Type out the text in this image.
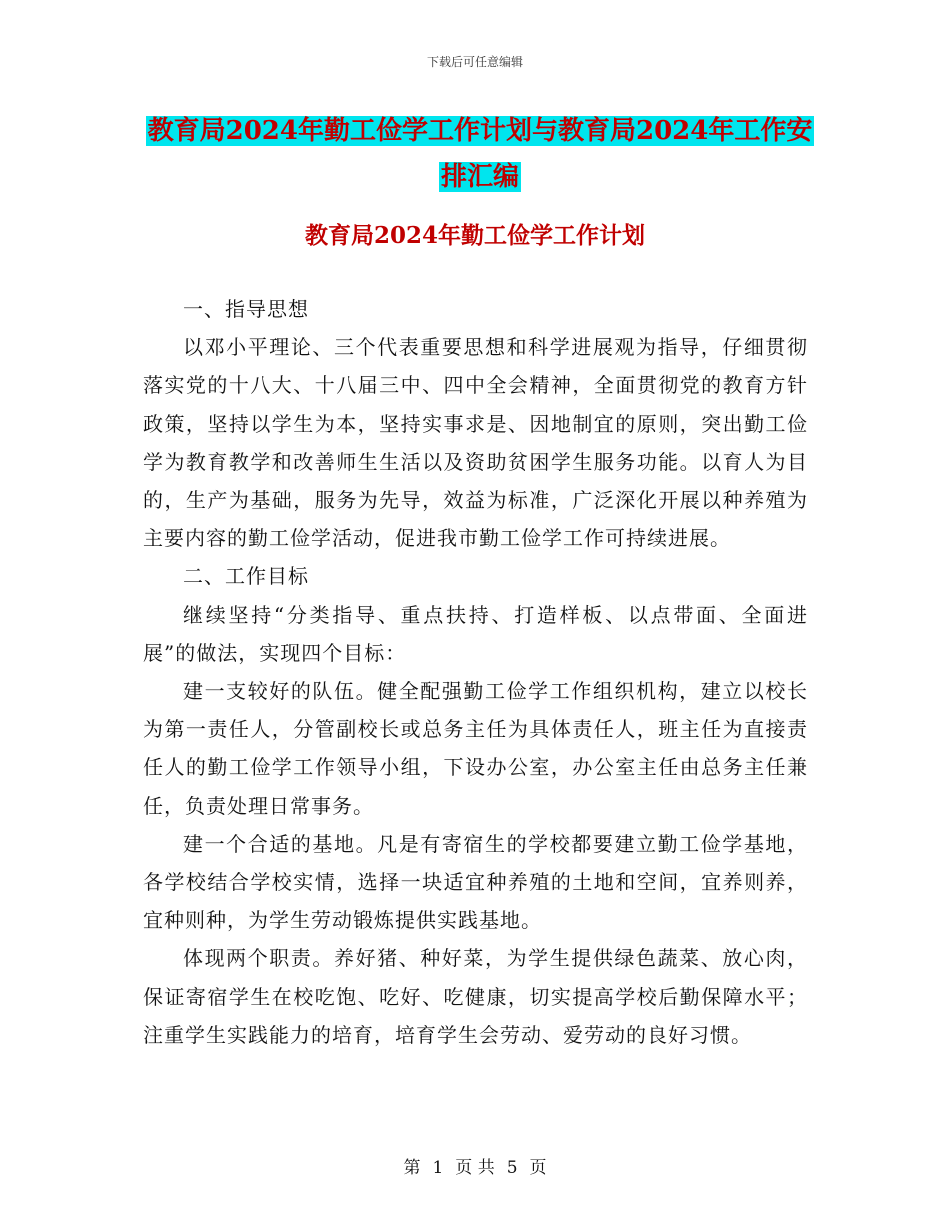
下载后可任意编辑
教育局2024年勤工俭学工作计划与教育局2024年工作安排汇编
教育局2024年勤工俭学工作计划

一、指导思想

以邓小平理论、三个代表重要思想和科学进展观为指导，仔细贯彻落实党的十八大、十八届三中、四中全会精神，全面贯彻党的教育方针政策，坚持以学生为本，坚持实事求是、因地制宜的原则，突出勤工俭学为教育教学和改善师生生活以及资助贫困学生服务功能。以育人为目的，生产为基础，服务为先导，效益为标准，广泛深化开展以种养殖为主要内容的勤工俭学活动，促进我市勤工俭学工作可持续进展。

二、工作目标

继续坚持“分类指导、重点扶持、打造样板、以点带面、全面进展”的做法，实现四个目标：

建一支较好的队伍。健全配强勤工俭学工作组织机构，建立以校长为第一责任人，分管副校长或总务主任为具体责任人，班主任为直接责任人的勤工俭学工作领导小组，下设办公室，办公室主任由总务主任兼任，负责处理日常事务。

建一个合适的基地。凡是有寄宿生的学校都要建立勤工俭学基地，各学校结合学校实情，选择一块适宜种养殖的土地和空间，宜养则养，宜种则种，为学生劳动锻炼提供实践基地。

体现两个职责。养好猪、种好菜，为学生提供绿色蔬菜、放心肉，保证寄宿学生在校吃饱、吃好、吃健康，切实提高学校后勤保障水平；注重学生实践能力的培育，培育学生会劳动、爱劳动的良好习惯。

第 1 页 共 5 页
